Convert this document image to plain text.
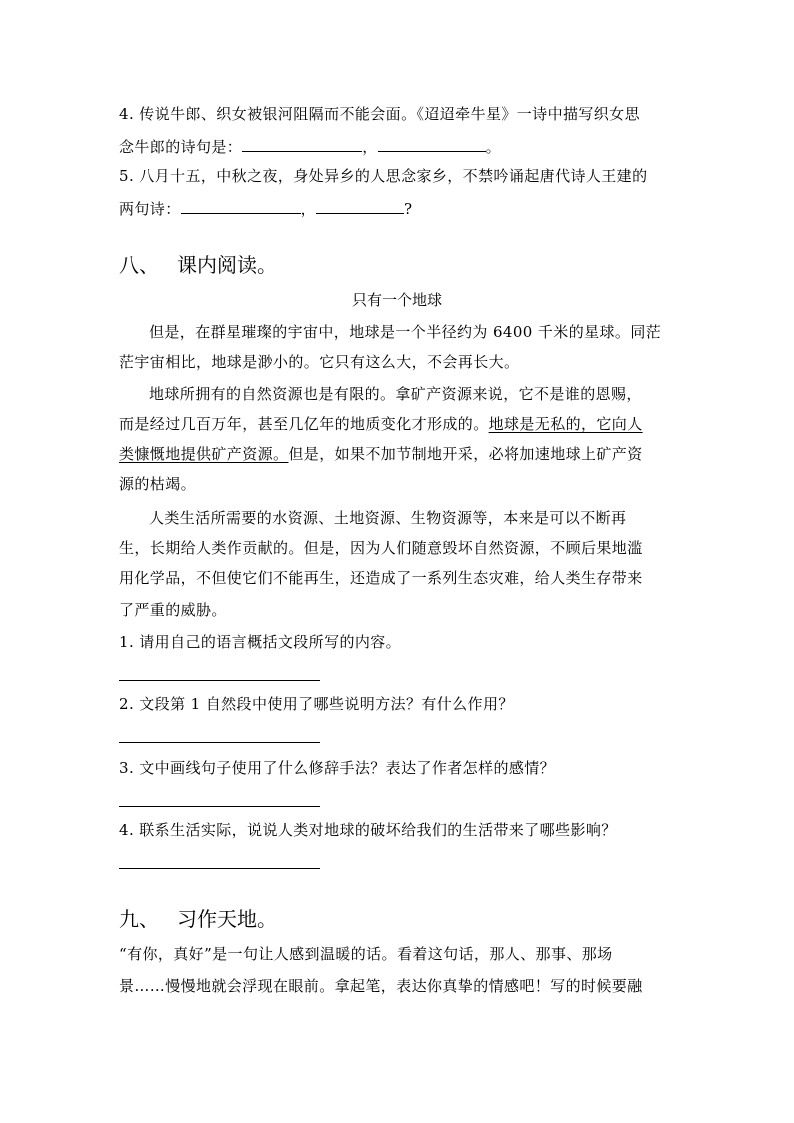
4. 传说牛郎、织女被银河阻隔而不能会面。《迢迢牵牛星》一诗中描写织女思
念牛郎的诗句是：	，	。
5. 八月十五，中秋之夜，身处异乡的人思念家乡，不禁吟诵起唐代诗人王建的
两句诗：	，	?
八、 课内阅读。
只有一个地球
但是，在群星璀璨的宇宙中，地球是一个半径约为 6400 千米的星球。同茫
茫宇宙相比，地球是渺小的。它只有这么大，不会再长大。
地球所拥有的自然资源也是有限的。拿矿产资源来说，它不是谁的恩赐，
而是经过几百万年，甚至几亿年的地质变化才形成的。地球是无私的，它向人
类慷慨地提供矿产资源。但是，如果不加节制地开采，必将加速地球上矿产资
源的枯竭。
人类生活所需要的水资源、土地资源、生物资源等，本来是可以不断再
生，长期给人类作贡献的。但是，因为人们随意毁坏自然资源，不顾后果地滥
用化学品，不但使它们不能再生，还造成了一系列生态灾难，给人类生存带来
了严重的威胁。
1. 请用自己的语言概括文段所写的内容。
2. 文段第 1 自然段中使用了哪些说明方法？有什么作用？
3. 文中画线句子使用了什么修辞手法？表达了作者怎样的感情？
4. 联系生活实际，说说人类对地球的破坏给我们的生活带来了哪些影响？
九、 习作天地。
“有你，真好”是一句让人感到温暖的话。看着这句话，那人、那事、那场
景……慢慢地就会浮现在眼前。拿起笔，表达你真挚的情感吧！写的时候要融
